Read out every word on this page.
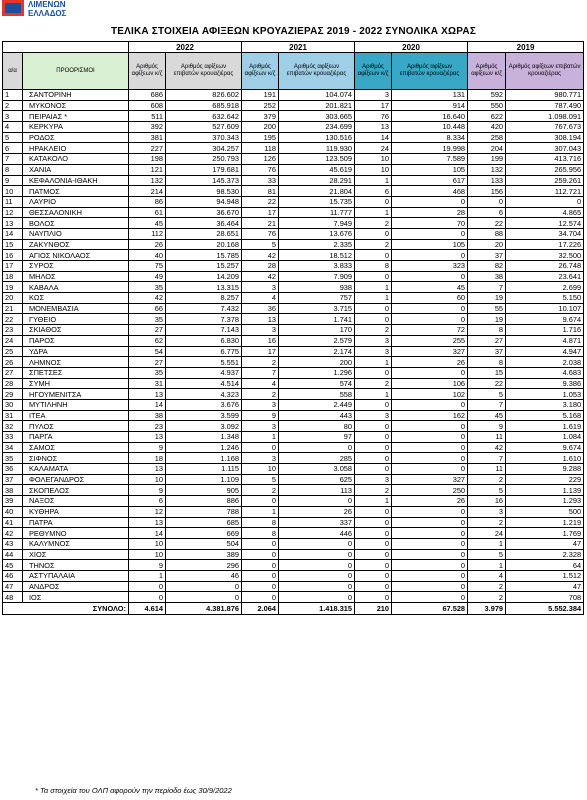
ΛΙΜΕΝΩΝ
ΕΛΛΑΔΟΣ
ΤΕΛΙΚΑ ΣΤΟΙΧΕΙΑ ΑΦΙΞΕΩΝ ΚΡΟΥΑΖΙΕΡΑΣ 2019 - 2022 ΣΥΝΟΛΙΚΑ ΧΩΡΑΣ
		2022		2021		2020		2019	
α/α	ΠΡΟΟΡΙΣΜΟΙ	Αριθμός αφίξεων κ/ζ	Αριθμός αφίξεων επιβατών κρουαζιέρας	Αριθμός αφίξεων κ/ζ	Αριθμός αφίξεων επιβατών κρουαζιέρας	Αριθμός αφίξεων κ/ζ	Αριθμός αφίξεων επιβατών κρουαζιέρας	Αριθμός αφίξεων κ/ζ	Αριθμός αφίξεων επιβατών κρουαζιέρας
1	ΣΑΝΤΟΡΙΝΗ	686	826.602	191	104.074	3	131	592	980.771
2	ΜΥΚΟΝΟΣ	608	685.918	252	201.821	17	914	550	787.490
3	ΠΕΙΡΑΙΑΣ *	511	632.642	379	303.665	76	16.640	622	1.098.091
4	ΚΕΡΚΥΡΑ	392	527.609	200	234.699	13	10.448	420	767.673
5	ΡΟΔΟΣ	381	370.343	195	130.516	14	8.334	258	308.194
6	ΗΡΑΚΛΕΙΟ	227	304.257	118	119.930	24	19.998	204	307.043
7	ΚΑΤΑΚΟΛΟ	198	250.793	126	123.509	10	7.589	199	413.716
8	ΧΑΝΙΑ	121	179.681	76	45.619	10	105	132	265.956
9	ΚΕΦΑΛΟΝΙΑ-ΙΘΑΚΗ	132	145.373	33	28.291	1	617	133	259.261
10	ΠΑΤΜΟΣ	214	98.530	81	21.804	6	468	156	112.721
11	ΛΑΥΡΙΟ	86	94.948	22	15.735	0	0	0	0
12	ΘΕΣΣΑΛΟΝΙΚΗ	61	36.670	17	11.777	1	28	6	4.865
13	ΒΟΛΟΣ	45	36.464	21	7.949	2	70	22	12.574
14	ΝΑΥΠΛΙΟ	112	28.651	76	13.676	0	0	88	34.704
15	ΖΑΚΥΝΘΟΣ	26	20.168	5	2.335	2	105	20	17.226
16	ΑΓΙΟΣ ΝΙΚΟΛΑΟΣ	40	15.785	42	18.512	0	0	37	32.500
17	ΣΥΡΟΣ	75	15.257	28	3.833	8	323	82	26.748
18	ΜΗΛΟΣ	49	14.209	42	7.909	0	0	38	23.641
19	ΚΑΒΑΛΑ	35	13.315	3	938	1	45	7	2.699
20	ΚΩΣ	42	8.257	4	757	1	60	19	5.150
21	ΜΟΝΕΜΒΑΣΙΑ	66	7.432	36	3.715	0	0	55	10.107
22	ΓΥΘΕΙΟ	35	7.378	13	1.741	0	0	19	9.674
23	ΣΚΙΑΘΟΣ	27	7.143	3	170	2	72	8	1.716
24	ΠΑΡΟΣ	62	6.830	16	2.579	3	255	27	4.871
25	ΥΔΡΑ	54	6.775	17	2.174	3	327	37	4.947
26	ΛΗΜΝΟΣ	27	5.551	2	200	1	26	8	2.038
27	ΣΠΕΤΣΕΣ	35	4.937	7	1.296	0	0	15	4.683
28	ΣΥΜΗ	31	4.514	4	574	2	106	22	9.386
29	ΗΓΟΥΜΕΝΙΤΣΑ	13	4.323	2	558	1	102	5	1.053
30	ΜΥΤΙΛΗΝΗ	14	3.676	3	2.449	0	0	7	3.180
31	ΙΤΕΑ	38	3.599	9	443	3	162	45	5.168
32	ΠΥΛΟΣ	23	3.092	3	80	0	0	9	1.619
33	ΠΑΡΓΑ	13	1.348	1	97	0	0	11	1.084
34	ΣΑΜΟΣ	9	1.246	0	0	0	0	42	9.674
35	ΣΙΦΝΟΣ	18	1.168	3	285	0	0	7	1.610
36	ΚΑΛΑΜΑΤΑ	13	1.115	10	3.058	0	0	11	9.288
37	ΦΟΛΕΓΑΝΔΡΟΣ	10	1.109	5	625	3	327	2	229
38	ΣΚΟΠΕΛΟΣ	9	905	2	113	2	250	5	1.139
39	ΝΑΞΟΣ	6	886	0	0	1	26	16	1.293
40	ΚΥΘΗΡΑ	12	788	1	26	0	0	3	500
41	ΠΑΤΡΑ	13	685	8	337	0	0	2	1.219
42	ΡΕΘΥΜΝΟ	14	669	8	446	0	0	24	1.769
43	ΚΑΛΥΜΝΟΣ	10	504	0	0	0	0	1	47
44	ΧΙΟΣ	10	389	0	0	0	0	5	2.328
45	ΤΗΝΟΣ	9	296	0	0	0	0	1	64
46	ΑΣΤΥΠΑΛΑΙΑ	1	46	0	0	0	0	4	1.512
47	ΑΝΔΡΟΣ	0	0	0	0	0	0	2	47
48	ΙΟΣ	0	0	0	0	0	0	2	708
ΣΥΝΟΛΟ:		4.614	4.381.876	2.064	1.418.315	210	67.528	3.979	5.552.384
* Τα στοιχεία του ΟΛΠ αφορούν την περίοδο έως 30/9/2022
